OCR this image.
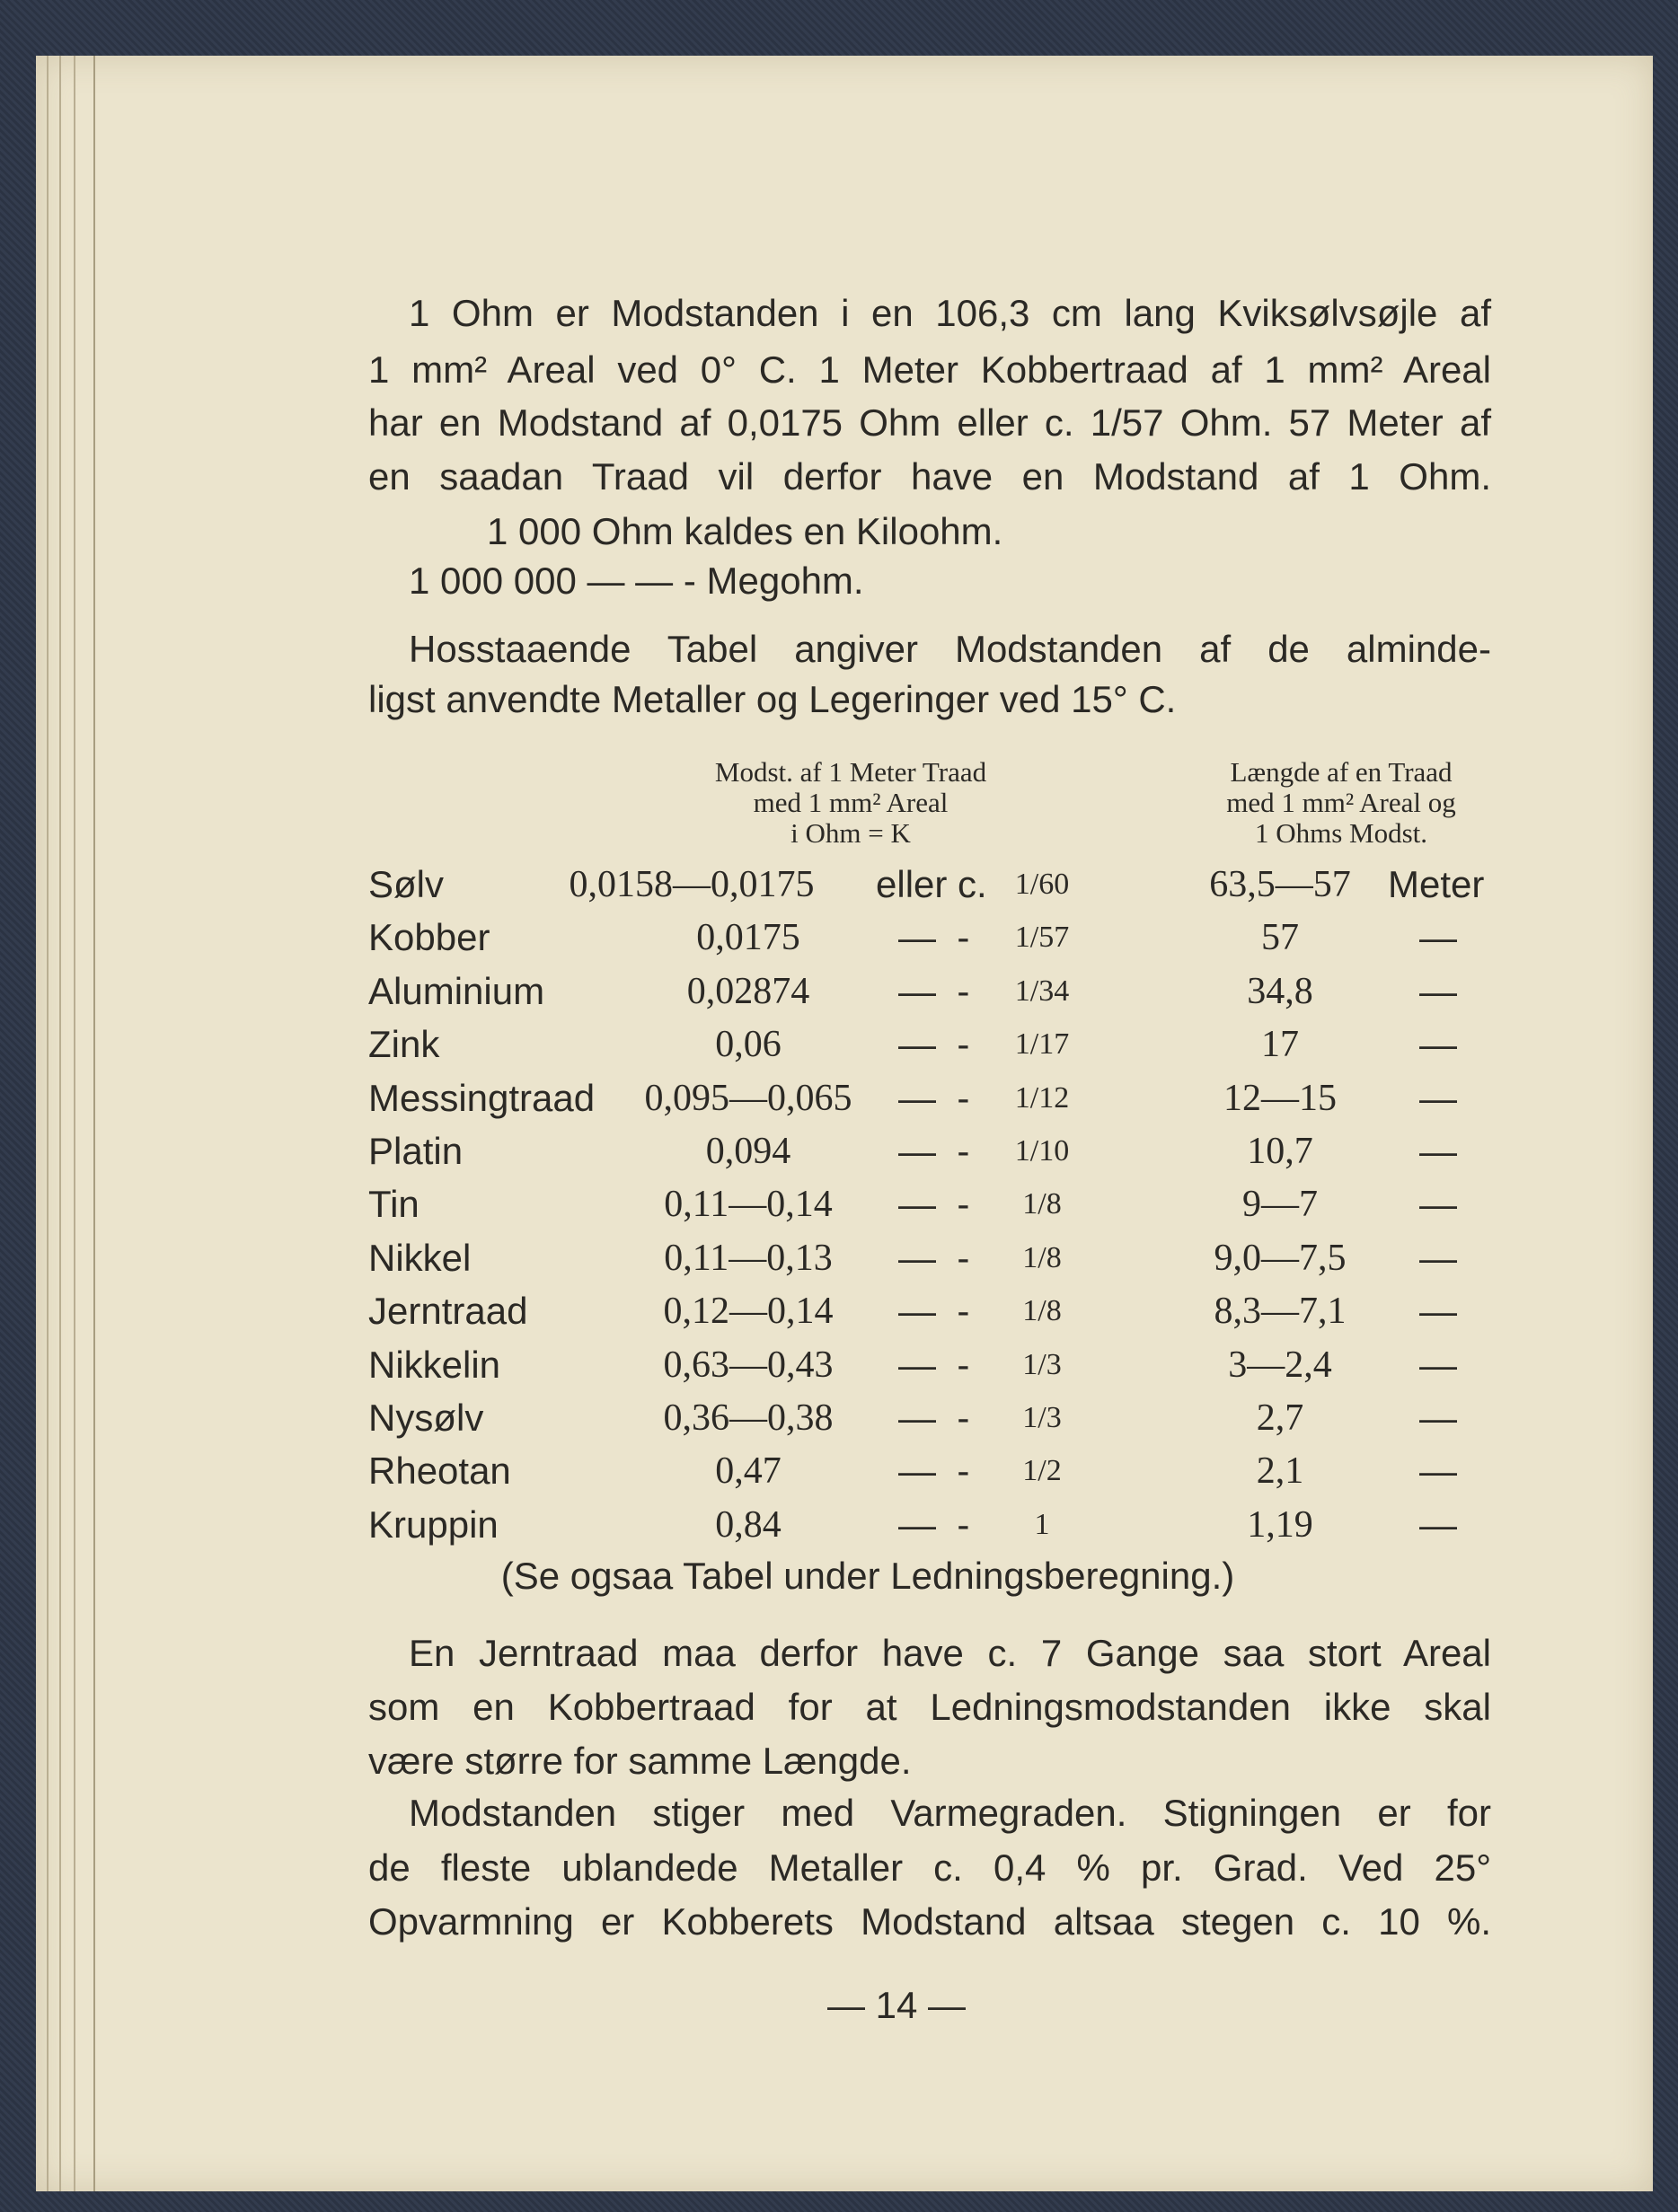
1 Ohm er Modstanden i en 106,3 cm lang Kviksølvsøjle af
1 mm² Areal ved 0° C. 1 Meter Kobbertraad af 1 mm² Areal
har en Modstand af 0,0175 Ohm eller c. 1/57 Ohm. 57 Meter af
en saadan Traad vil derfor have en Modstand af 1 Ohm.
1 000 Ohm kaldes en Kiloohm.
1 000 000 — — - Megohm.
Hosstaaende Tabel angiver Modstanden af de alminde-
ligst anvendte Metaller og Legeringer ved 15° C.
En Jerntraad maa derfor have c. 7 Gange saa stort Areal
som en Kobbertraad for at Ledningsmodstanden ikke skal
være større for samme Længde.
Modstanden stiger med Varmegraden. Stigningen er for
de fleste ublandede Metaller c. 0,4 % pr. Grad. Ved 25°
Opvarmning er Kobberets Modstand altsaa stegen c. 10 %.
(Se ogsaa Tabel under Ledningsberegning.)
— 14 —
Modst. af 1 Meter Traad
med 1 mm² Areal
i Ohm = K
Længde af en Traad
med 1 mm² Areal og
1 Ohms Modst.
Sølv	0,0158—0,0175	eller c. 1/60	63,5—57 Meter
Kobber	0,0175	—  -	1/57	57	—
Aluminium	0,02874	—  -	1/34	34,8	—
Zink	0,06	—  -	1/17	17	—
Messingtraad	0,095—0,065	—  -	1/12	12—15	—
Platin	0,094	—  -	1/10	10,7	—
Tin	0,11—0,14	—  -	1/8	9—7	—
Nikkel	0,11—0,13	—  -	1/8	9,0—7,5	—
Jerntraad	0,12—0,14	—  -	1/8	8,3—7,1	—
Nikkelin	0,63—0,43	—  -	1/3	3—2,4	—
Nysølv	0,36—0,38	—  -	1/3	2,7	—
Rheotan	0,47	—  -	1/2	2,1	—
Kruppin	0,84	—  -	1	1,19	—
